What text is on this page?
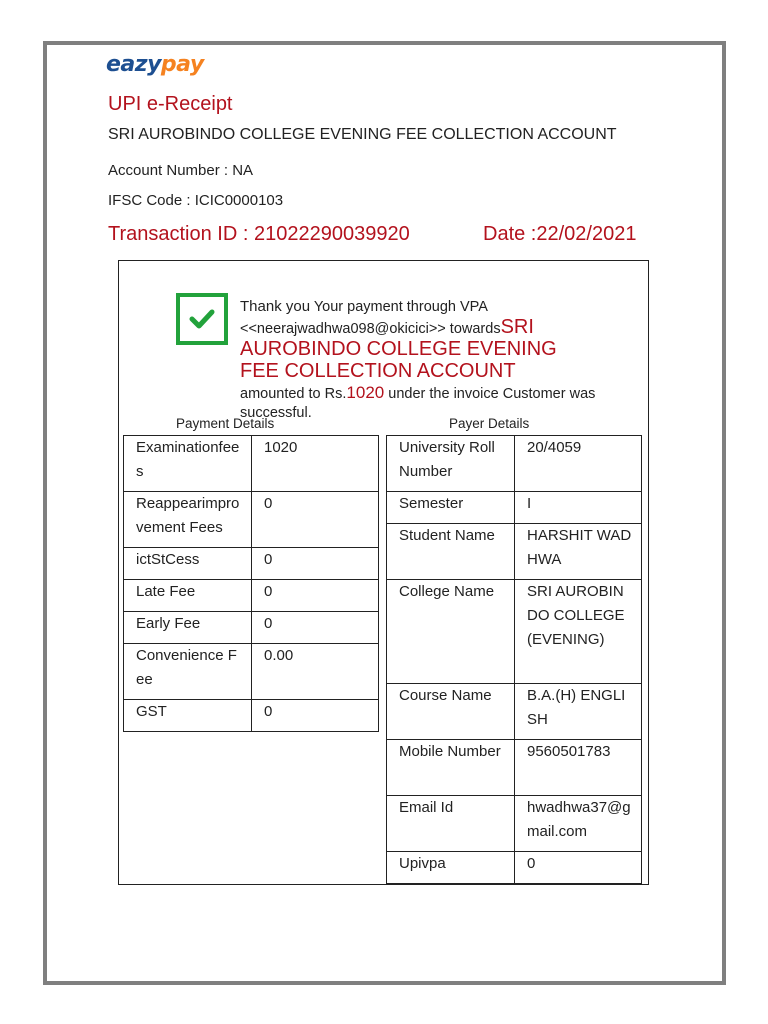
eazypay
UPI e-Receipt
SRI AUROBINDO COLLEGE EVENING FEE COLLECTION ACCOUNT
Account Number : NA
IFSC Code : ICIC0000103
Transaction ID : 21022290039920	Date :22/02/2021
Thank you Your payment through VPA <<neerajwadhwa098@okicici>> towardsSRI AUROBINDO COLLEGE EVENING FEE COLLECTION ACCOUNT
amounted to Rs.1020 under the invoice Customer was successful.
Payment Details	Payer Details
Examinationfees	1020
Reappearimprovement Fees	0
ictStCess	0
Late Fee	0
Early Fee	0
Convenience Fee	0.00
GST	0
University Roll Number	20/4059
Semester	I
Student Name	HARSHIT WADHWA
College Name	SRI AUROBINDO COLLEGE (EVENING)
Course Name	B.A.(H) ENGLISH
Mobile Number	9560501783
Email Id	hwadhwa37@gmail.com
Upivpa	0
